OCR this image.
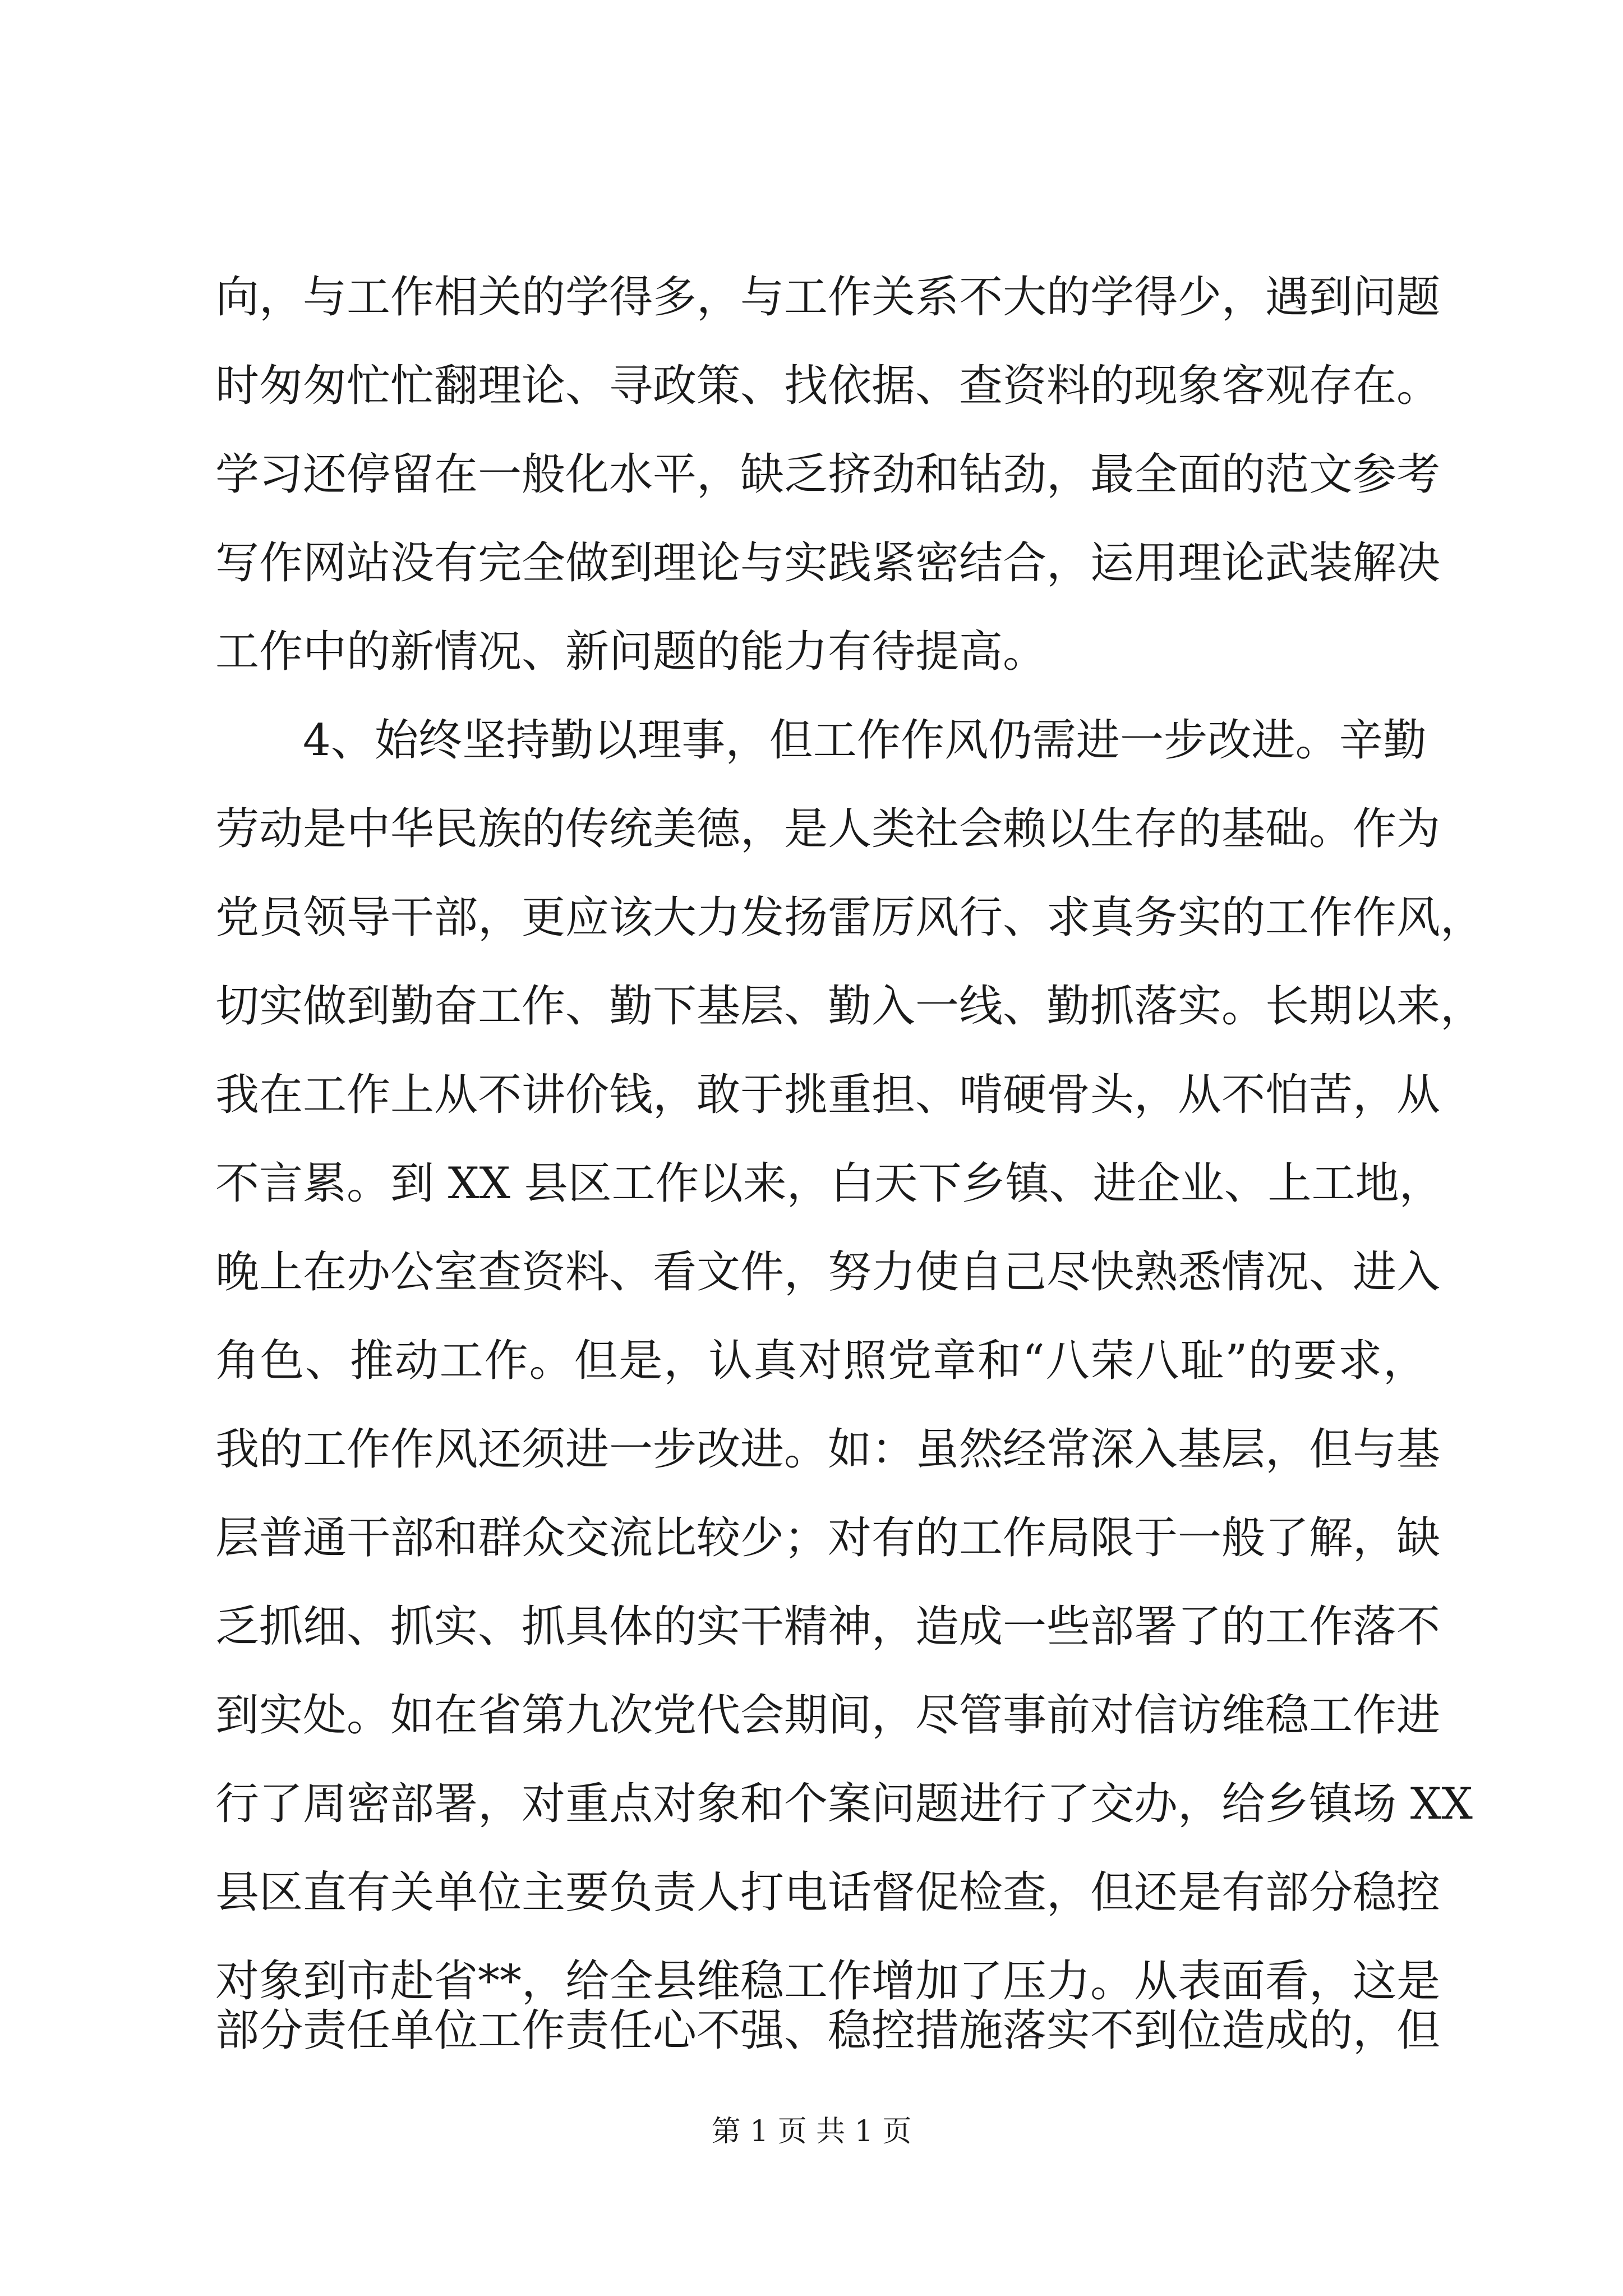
向，与工作相关的学得多，与工作关系不大的学得少，遇到问题
时匆匆忙忙翻理论、寻政策、找依据、查资料的现象客观存在。
学习还停留在一般化水平，缺乏挤劲和钻劲，最全面的范文参考
写作网站没有完全做到理论与实践紧密结合，运用理论武装解决
工作中的新情况、新问题的能力有待提高。
4、始终坚持勤以理事，但工作作风仍需进一步改进。辛勤
劳动是中华民族的传统美德，是人类社会赖以生存的基础。作为
党员领导干部，更应该大力发扬雷厉风行、求真务实的工作作风，
切实做到勤奋工作、勤下基层、勤入一线、勤抓落实。长期以来，
我在工作上从不讲价钱，敢于挑重担、啃硬骨头，从不怕苦，从
不言累。到 XX 县区工作以来，白天下乡镇、进企业、上工地，
晚上在办公室查资料、看文件，努力使自己尽快熟悉情况、进入
角色、推动工作。但是，认真对照党章和“八荣八耻”的要求，
我的工作作风还须进一步改进。如：虽然经常深入基层，但与基
层普通干部和群众交流比较少；对有的工作局限于一般了解，缺
乏抓细、抓实、抓具体的实干精神，造成一些部署了的工作落不
到实处。如在省第九次党代会期间，尽管事前对信访维稳工作进
行了周密部署，对重点对象和个案问题进行了交办，给乡镇场 XX
县区直有关单位主要负责人打电话督促检查，但还是有部分稳控
对象到市赴省**，给全县维稳工作增加了压力。从表面看，这是
部分责任单位工作责任心不强、稳控措施落实不到位造成的，但
第 1 页 共 1 页
